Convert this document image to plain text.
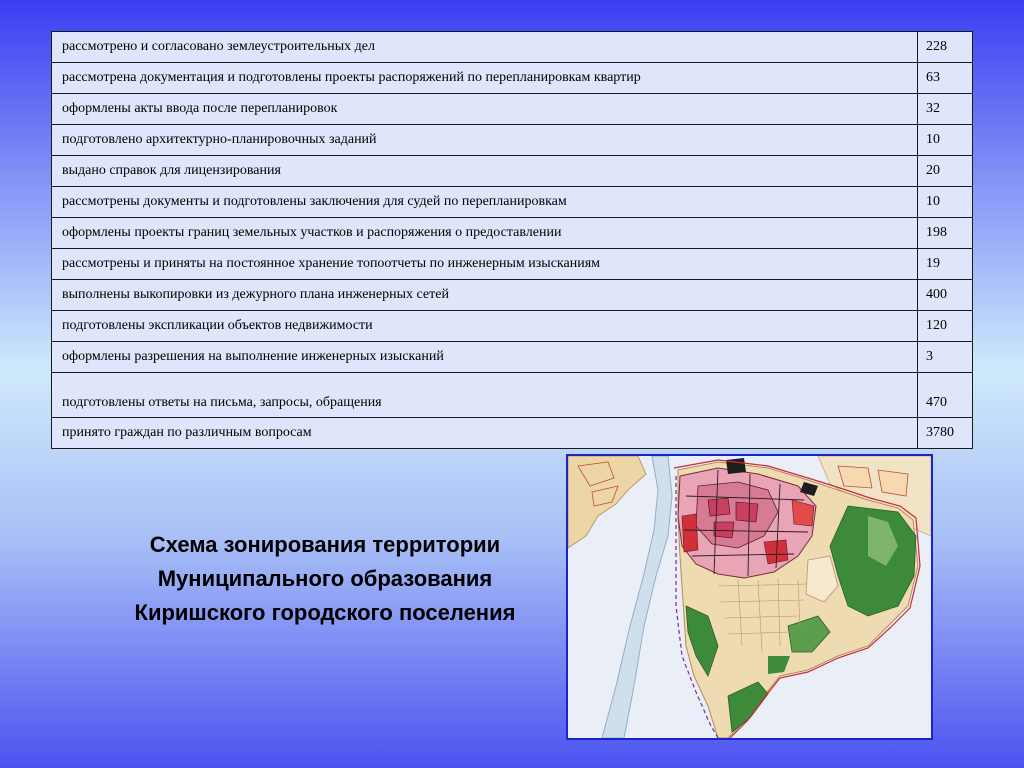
рассмотрено и согласовано землеустроительных дел	228
рассмотрена документация и подготовлены проекты распоряжений по перепланировкам квартир	63
оформлены акты ввода после перепланировок	32
подготовлено архитектурно-планировочных заданий	10
выдано справок для лицензирования	20
рассмотрены документы и подготовлены заключения для судей по перепланировкам	10
оформлены проекты границ земельных участков и распоряжения о предоставлении	198
рассмотрены и приняты на постоянное хранение топоотчеты по инженерным изысканиям	19
выполнены выкопировки из дежурного плана инженерных сетей	400
подготовлены экспликации объектов недвижимости	120
оформлены разрешения на выполнение инженерных изысканий	3
подготовлены ответы на письма, запросы, обращения	470
принято граждан по различным вопросам	3780
Схема зонирования территории
Муниципального образования
Киришского городского поселения
